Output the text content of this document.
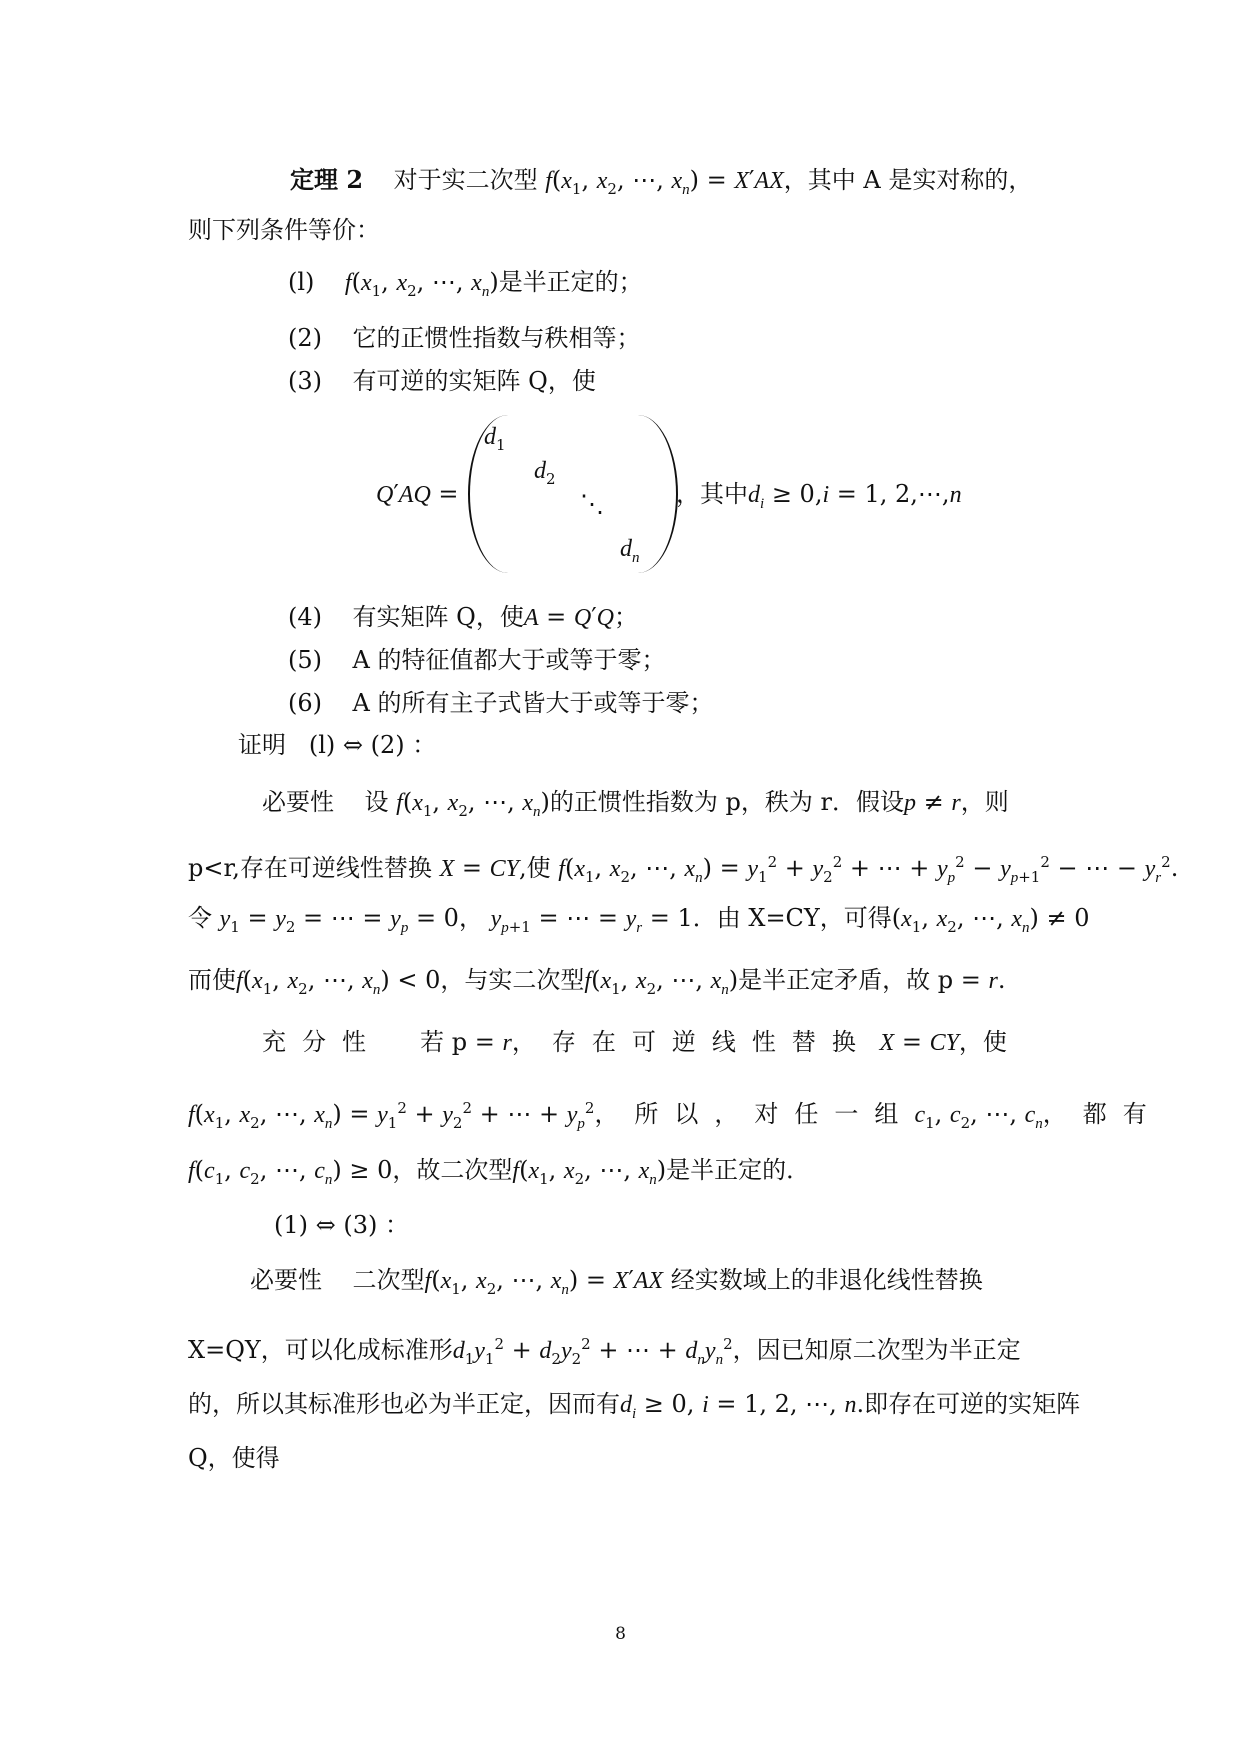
定理 2 对于实二次型 $f(x_1$, $x_2$, ⋯, $x_n) = X'AX$，其中 A 是实对称的，
则下列条件等价：
(l) $f(x_1$, $x_2$, ⋯, $x_n$)是半正定的；
(2) 它的正惯性指数与秩相等；
(3) 有可逆的实矩阵 Q，使
Q′AQ =
$d_1$
$d_2$
⋱
$d_n$
，其中$d_i \ge 0,i = 1$, 2,⋯,n
(4) 有实矩阵 Q，使A = Q′Q；
(5) A 的特征值都大于或等于零；
(6) A 的所有主子式皆大于或等于零；
证明 (l) ⇔ (2) ：
必要性 设 $f(x_1$, $x_2$, ⋯, $x_n$)的正惯性指数为 p，秩为 r．假设p ≠ r，则
p<r,存在可逆线性替换 X = CY,使 $f(x_1$, $x_2$, ⋯, $x_n) = y_1^2 + y_2^2$ + ⋯ + $y_p^2 - y_{p+1}^2$ − ⋯ − $y_r^2$.
令 $y_1 = y_2$ = ⋯ = $y_p = 0$， $y_{p+1}$ = ⋯ = $y_r = 1$．由 X=CY，可得($x_1$, $x_2$, ⋯, $x_n) \ne 0$
而使$f(x_1$, $x_2$, ⋯, $x_n) < 0$，与实二次型$f(x_1$, $x_2$, ⋯, $x_n$)是半正定矛盾，故 p = r.
充分性 若 p = r，存在可逆线性替换 X = CY，使
$f(x_1$, $x_2$, ⋯, $x_n) = y_1^2 + y_2^2$ + ⋯ + $y_p^2$，所以，对任一组$c_1$, $c_2$, ⋯, $c_n$，都有
$f(c_1$, $c_2$, ⋯, $c_n) \ge 0$，故二次型$f(x_1$, $x_2$, ⋯, $x_n$)是半正定的．
(1) ⇔ (3) ：
必要性 二次型$f(x_1$, $x_2$, ⋯, $x_n) = X'AX$ 经实数域上的非退化线性替换
X=QY，可以化成标准形$d_1y_1^2 + d_2y_2^2$ + ⋯ + $d_ny_n^2$，因已知原二次型为半正定
的，所以其标准形也必为半正定，因而有$d_i \ge 0$, i = 1, 2, ⋯, n.即存在可逆的实矩阵
Q，使得
8
